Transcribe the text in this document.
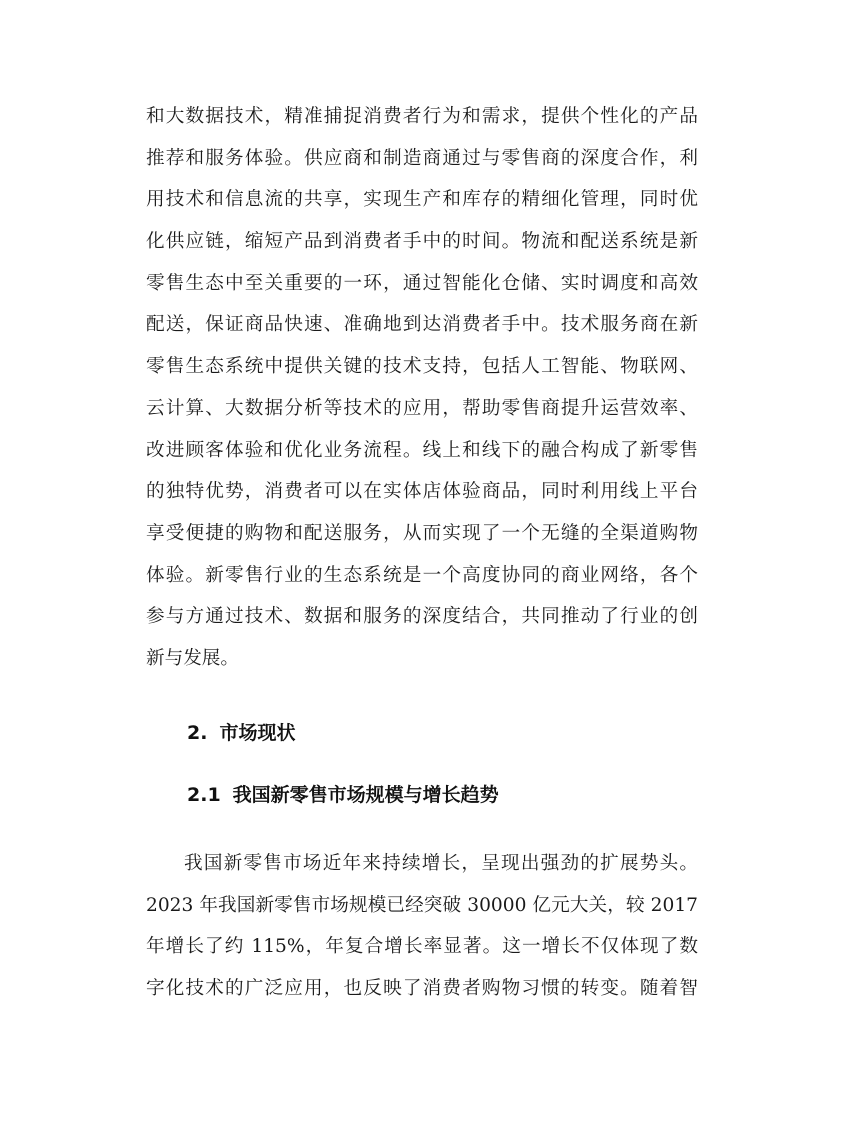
和大数据技术，精准捕捉消费者行为和需求，提供个性化的产品
推荐和服务体验。供应商和制造商通过与零售商的深度合作，利
用技术和信息流的共享，实现生产和库存的精细化管理，同时优
化供应链，缩短产品到消费者手中的时间。物流和配送系统是新
零售生态中至关重要的一环，通过智能化仓储、实时调度和高效
配送，保证商品快速、准确地到达消费者手中。技术服务商在新
零售生态系统中提供关键的技术支持，包括人工智能、物联网、
云计算、大数据分析等技术的应用，帮助零售商提升运营效率、
改进顾客体验和优化业务流程。线上和线下的融合构成了新零售
的独特优势，消费者可以在实体店体验商品，同时利用线上平台
享受便捷的购物和配送服务，从而实现了一个无缝的全渠道购物
体验。新零售行业的生态系统是一个高度协同的商业网络，各个
参与方通过技术、数据和服务的深度结合，共同推动了行业的创
新与发展。
2. 市场现状
2.1 我国新零售市场规模与增长趋势
我国新零售市场近年来持续增长，呈现出强劲的扩展势头。
2023 年我国新零售市场规模已经突破 30000 亿元大关，较 2017
年增长了约 115%，年复合增长率显著。这一增长不仅体现了数
字化技术的广泛应用，也反映了消费者购物习惯的转变。随着智
